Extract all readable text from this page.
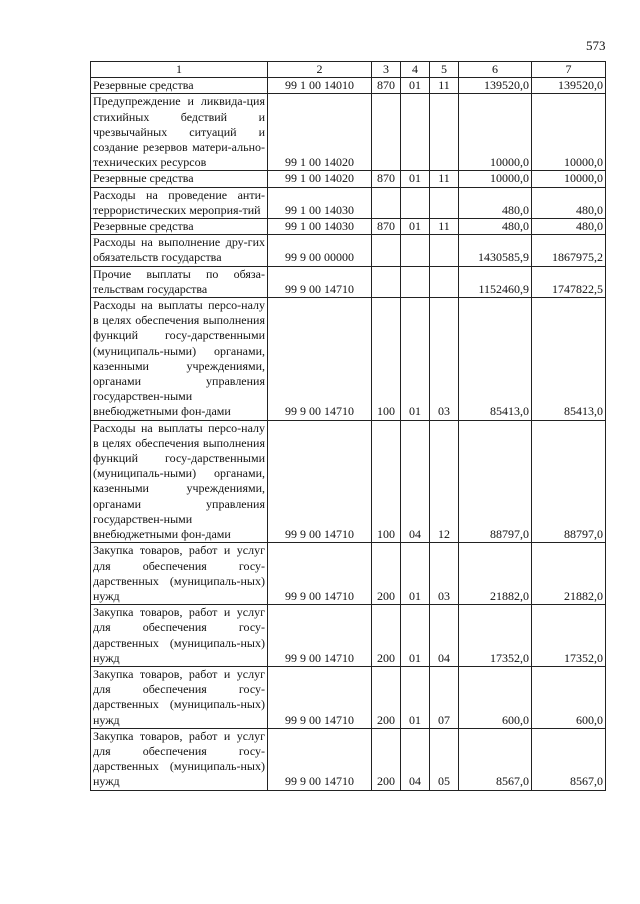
573
1	2	3	4	5	6	7
Резервные средства	99 1 00 14010	870	01	11	139520,0	139520,0
Предупреждение и ликвида-ция стихийных бедствий и чрезвычайных ситуаций и создание резервов матери-ально-технических ресурсов	99 1 00 14020				10000,0	10000,0
Резервные средства	99 1 00 14020	870	01	11	10000,0	10000,0
Расходы на проведение анти-террористических мероприя-тий	99 1 00 14030				480,0	480,0
Резервные средства	99 1 00 14030	870	01	11	480,0	480,0
Расходы на выполнение дру-гих обязательств государства	99 9 00 00000				1430585,9	1867975,2
Прочие выплаты по обяза-тельствам государства	99 9 00 14710				1152460,9	1747822,5
Расходы на выплаты персо-налу в целях обеспечения выполнения функций госу-дарственными (муниципаль-ными) органами, казенными учреждениями, органами управления государствен-ными внебюджетными фон-дами	99 9 00 14710	100	01	03	85413,0	85413,0
Расходы на выплаты персо-налу в целях обеспечения выполнения функций госу-дарственными (муниципаль-ными) органами, казенными учреждениями, органами управления государствен-ными внебюджетными фон-дами	99 9 00 14710	100	04	12	88797,0	88797,0
Закупка товаров, работ и услуг для обеспечения госу-дарственных (муниципаль-ных) нужд	99 9 00 14710	200	01	03	21882,0	21882,0
Закупка товаров, работ и услуг для обеспечения госу-дарственных (муниципаль-ных) нужд	99 9 00 14710	200	01	04	17352,0	17352,0
Закупка товаров, работ и услуг для обеспечения госу-дарственных (муниципаль-ных) нужд	99 9 00 14710	200	01	07	600,0	600,0
Закупка товаров, работ и услуг для обеспечения госу-дарственных (муниципаль-ных) нужд	99 9 00 14710	200	04	05	8567,0	8567,0
